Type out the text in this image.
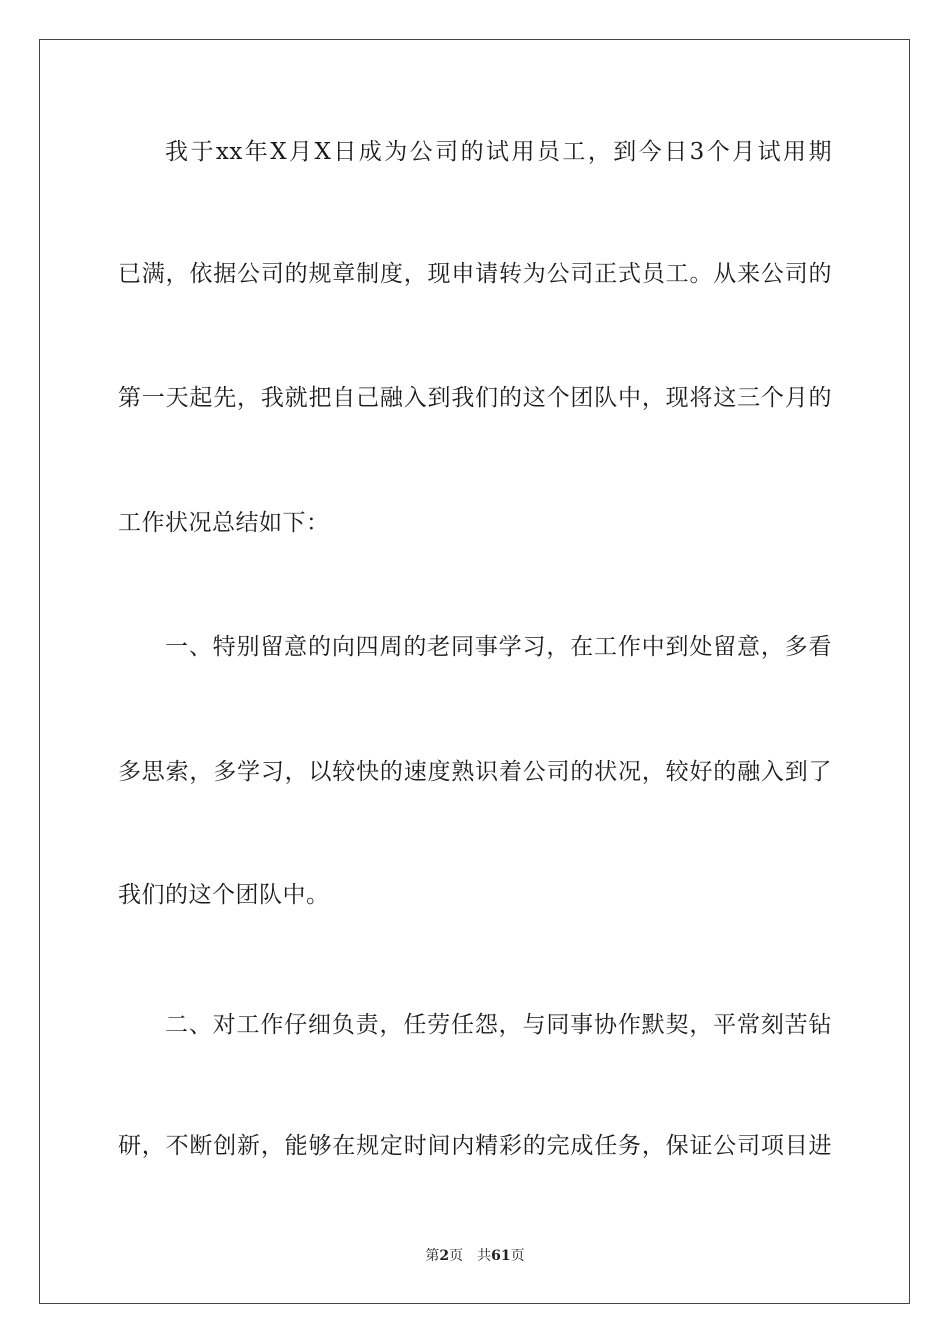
我于xx年X月X日成为公司的试用员工，到今日3个月试用期
已满，依据公司的规章制度，现申请转为公司正式员工。从来公司的
第一天起先，我就把自己融入到我们的这个团队中，现将这三个月的
工作状况总结如下：
一、特别留意的向四周的老同事学习，在工作中到处留意，多看
多思索，多学习，以较快的速度熟识着公司的状况，较好的融入到了
我们的这个团队中。
二、对工作仔细负责，任劳任怨，与同事协作默契，平常刻苦钻
研，不断创新，能够在规定时间内精彩的完成任务，保证公司项目进
第2页 共61页
